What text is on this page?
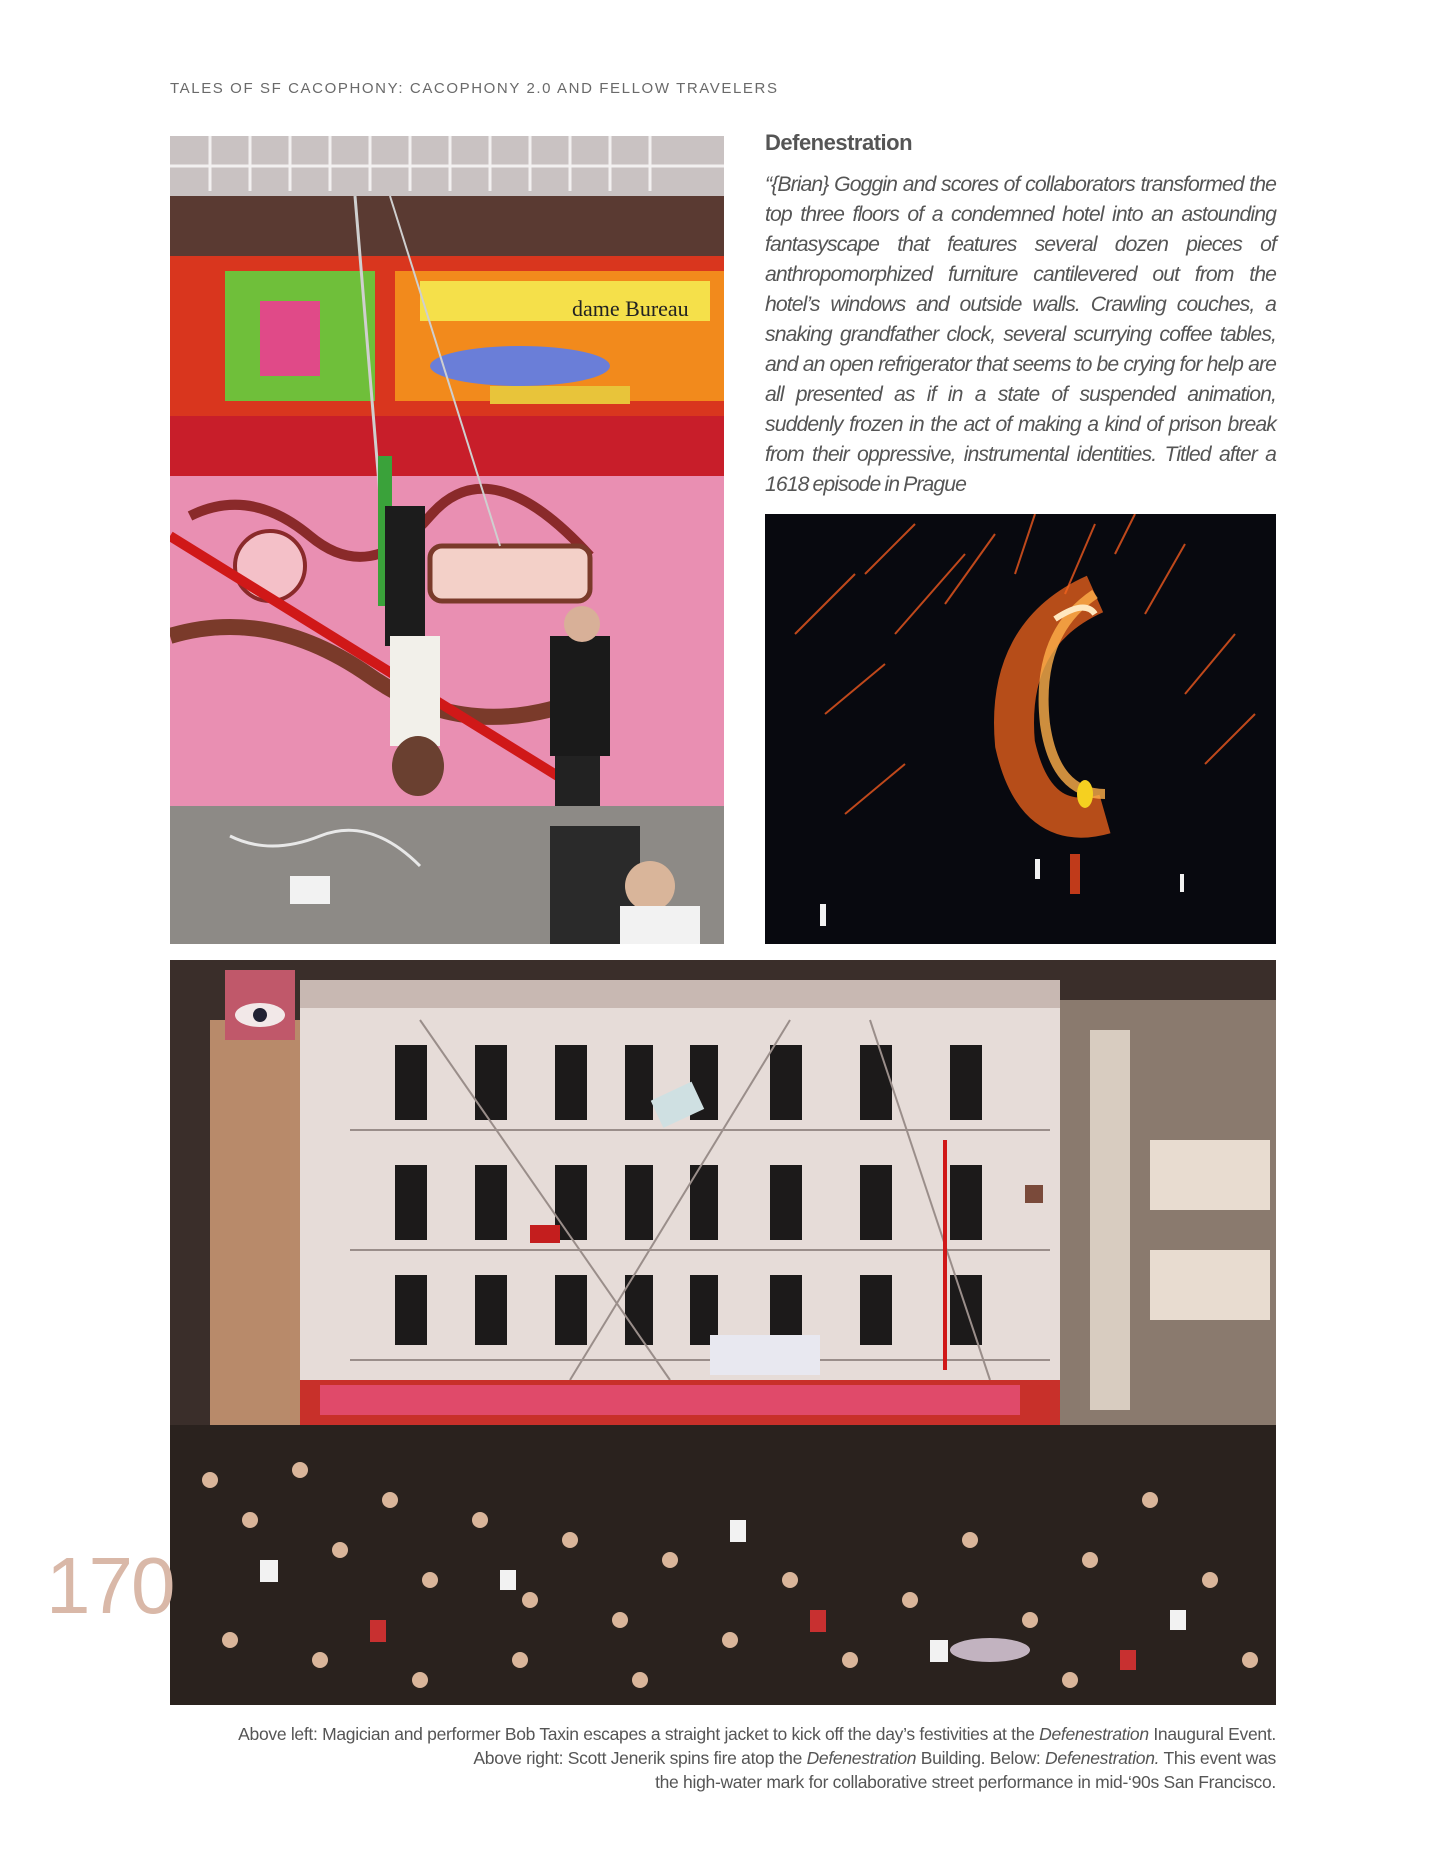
TALES OF SF CACOPHONY: CACOPHONY 2.0 AND FELLOW TRAVELERS
dame Bureau
Defenestration
“{Brian} Goggin and scores of collaborators transformed the top three floors of a condemned hotel into an astounding fantasyscape that features several dozen pieces of anthropomorphized furniture cantilevered out from the hotel’s windows and outside walls. Crawling couches, a snaking grandfather clock, several scurrying coffee tables, and an open refrigerator that seems to be crying for help are all presented as if in a state of suspended animation, suddenly frozen in the act of making a kind of prison break from their oppressive, instrumental identities. Titled after a 1618 episode in Prague
170
Above left: Magician and performer Bob Taxin escapes a straight jacket to kick off the day’s festivities at the Defenestration Inaugural Event.
Above right: Scott Jenerik spins fire atop the Defenestration Building. Below: Defenestration. This event was
the high-water mark for collaborative street performance in mid-‘90s San Francisco.
